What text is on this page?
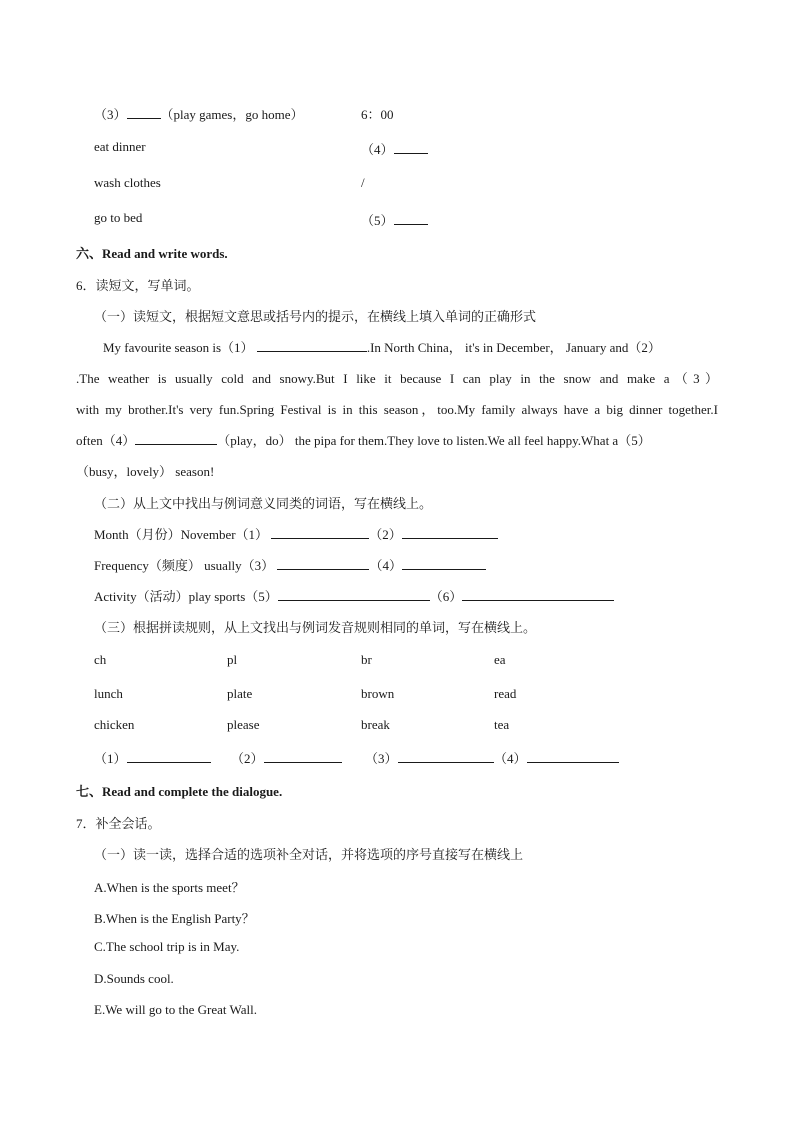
（3）	（play games，go home）	6：00
eat dinner	（4）
wash clothes	/
go to bed	（5）
六、Read and write words.
6．读短文，写单词。
（一）读短文，根据短文意思或括号内的提示，在横线上填入单词的正确形式
My favourite season is（1）	.In North China， it's in December， January and（2）
.The weather is usually cold and snowy.But I like it because I can play in the snow and make a（3）
with my brother.It's very fun.Spring Festival is in this season，too.My family always have a big dinner together.I
often（4）	（play，do） the pipa for them.They love to listen.We all feel happy.What a（5）
（busy，lovely） season!
（二）从上文中找出与例词意义同类的词语，写在横线上。
Month（月份）November（1）	（2）
Frequency（频度） usually（3）	（4）
Activity（活动）play sports（5）	（6）
（三）根据拼读规则，从上文找出与例词发音规则相同的单词，写在横线上。
ch	pl	br	ea
lunch	plate	brown	read
chicken	please	break	tea
（1）	（2）	（3）	（4）
七、Read and complete the dialogue.
7．补全会话。
（一）读一读，选择合适的选项补全对话，并将选项的序号直接写在横线上
A.When is the sports meet？
B.When is the English Party？
C.The school trip is in May.
D.Sounds cool.
E.We will go to the Great Wall.
